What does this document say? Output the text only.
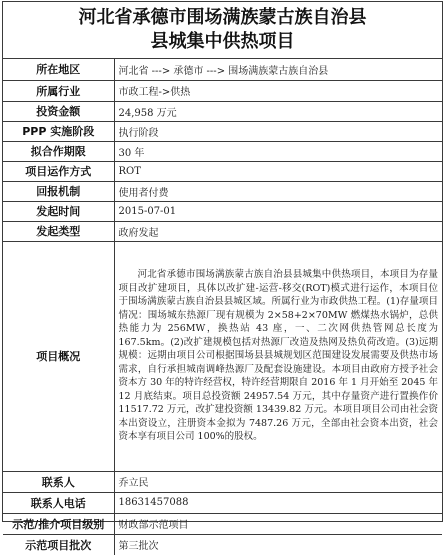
河北省承德市围场满族蒙古族自治县
县城集中供热项目
所在地区	河北省 ---> 承德市 ---> 围场满族蒙古族自治县
所属行业	市政工程->供热
投资金额	24,958 万元
PPP 实施阶段	执行阶段
拟合作期限	30 年
项目运作方式	ROT
回报机制	使用者付费
发起时间	2015-07-01
发起类型	政府发起
项目概况	河北省承德市围场满族蒙古族自治县县城集中供热项目，本项目为存量项目改扩建项目，具体以改扩建-运营-移交(ROT)模式进行运作，本项目位于围场满族蒙古族自治县县城区域。所属行业为市政供热工程。(1)存量项目情况：围场城东热源厂现有规模为 2×58+2×70MW 燃煤热水锅炉，总供热能力为 256MW，换热站 43 座，一、二次网供热管网总长度为 167.5km。(2)改扩建规模包括对热源厂改造及热网及热负荷改造。(3)远期规模：远期由项目公司根据围场县县城规划区范围建设发展需要及供热市场需求，自行承担城南调峰热源厂及配套设施建设。本项目由政府方授予社会资本方 30 年的特许经营权，特许经营期限自 2016 年 1 月开始至 2045 年 12 月底结束。项目总投资额 24957.54 万元，其中存量资产进行置换作价 11517.72 万元，改扩建投资额 13439.82 万元。本项目项目公司由社会资本出资设立，注册资本金拟为 7487.26 万元，全部由社会资本出资，社会资本享有项目公司 100%的股权。
联系人	乔立民
联系人电话	18631457088
示范/推介项目级别	财政部示范项目
示范项目批次	第三批次
